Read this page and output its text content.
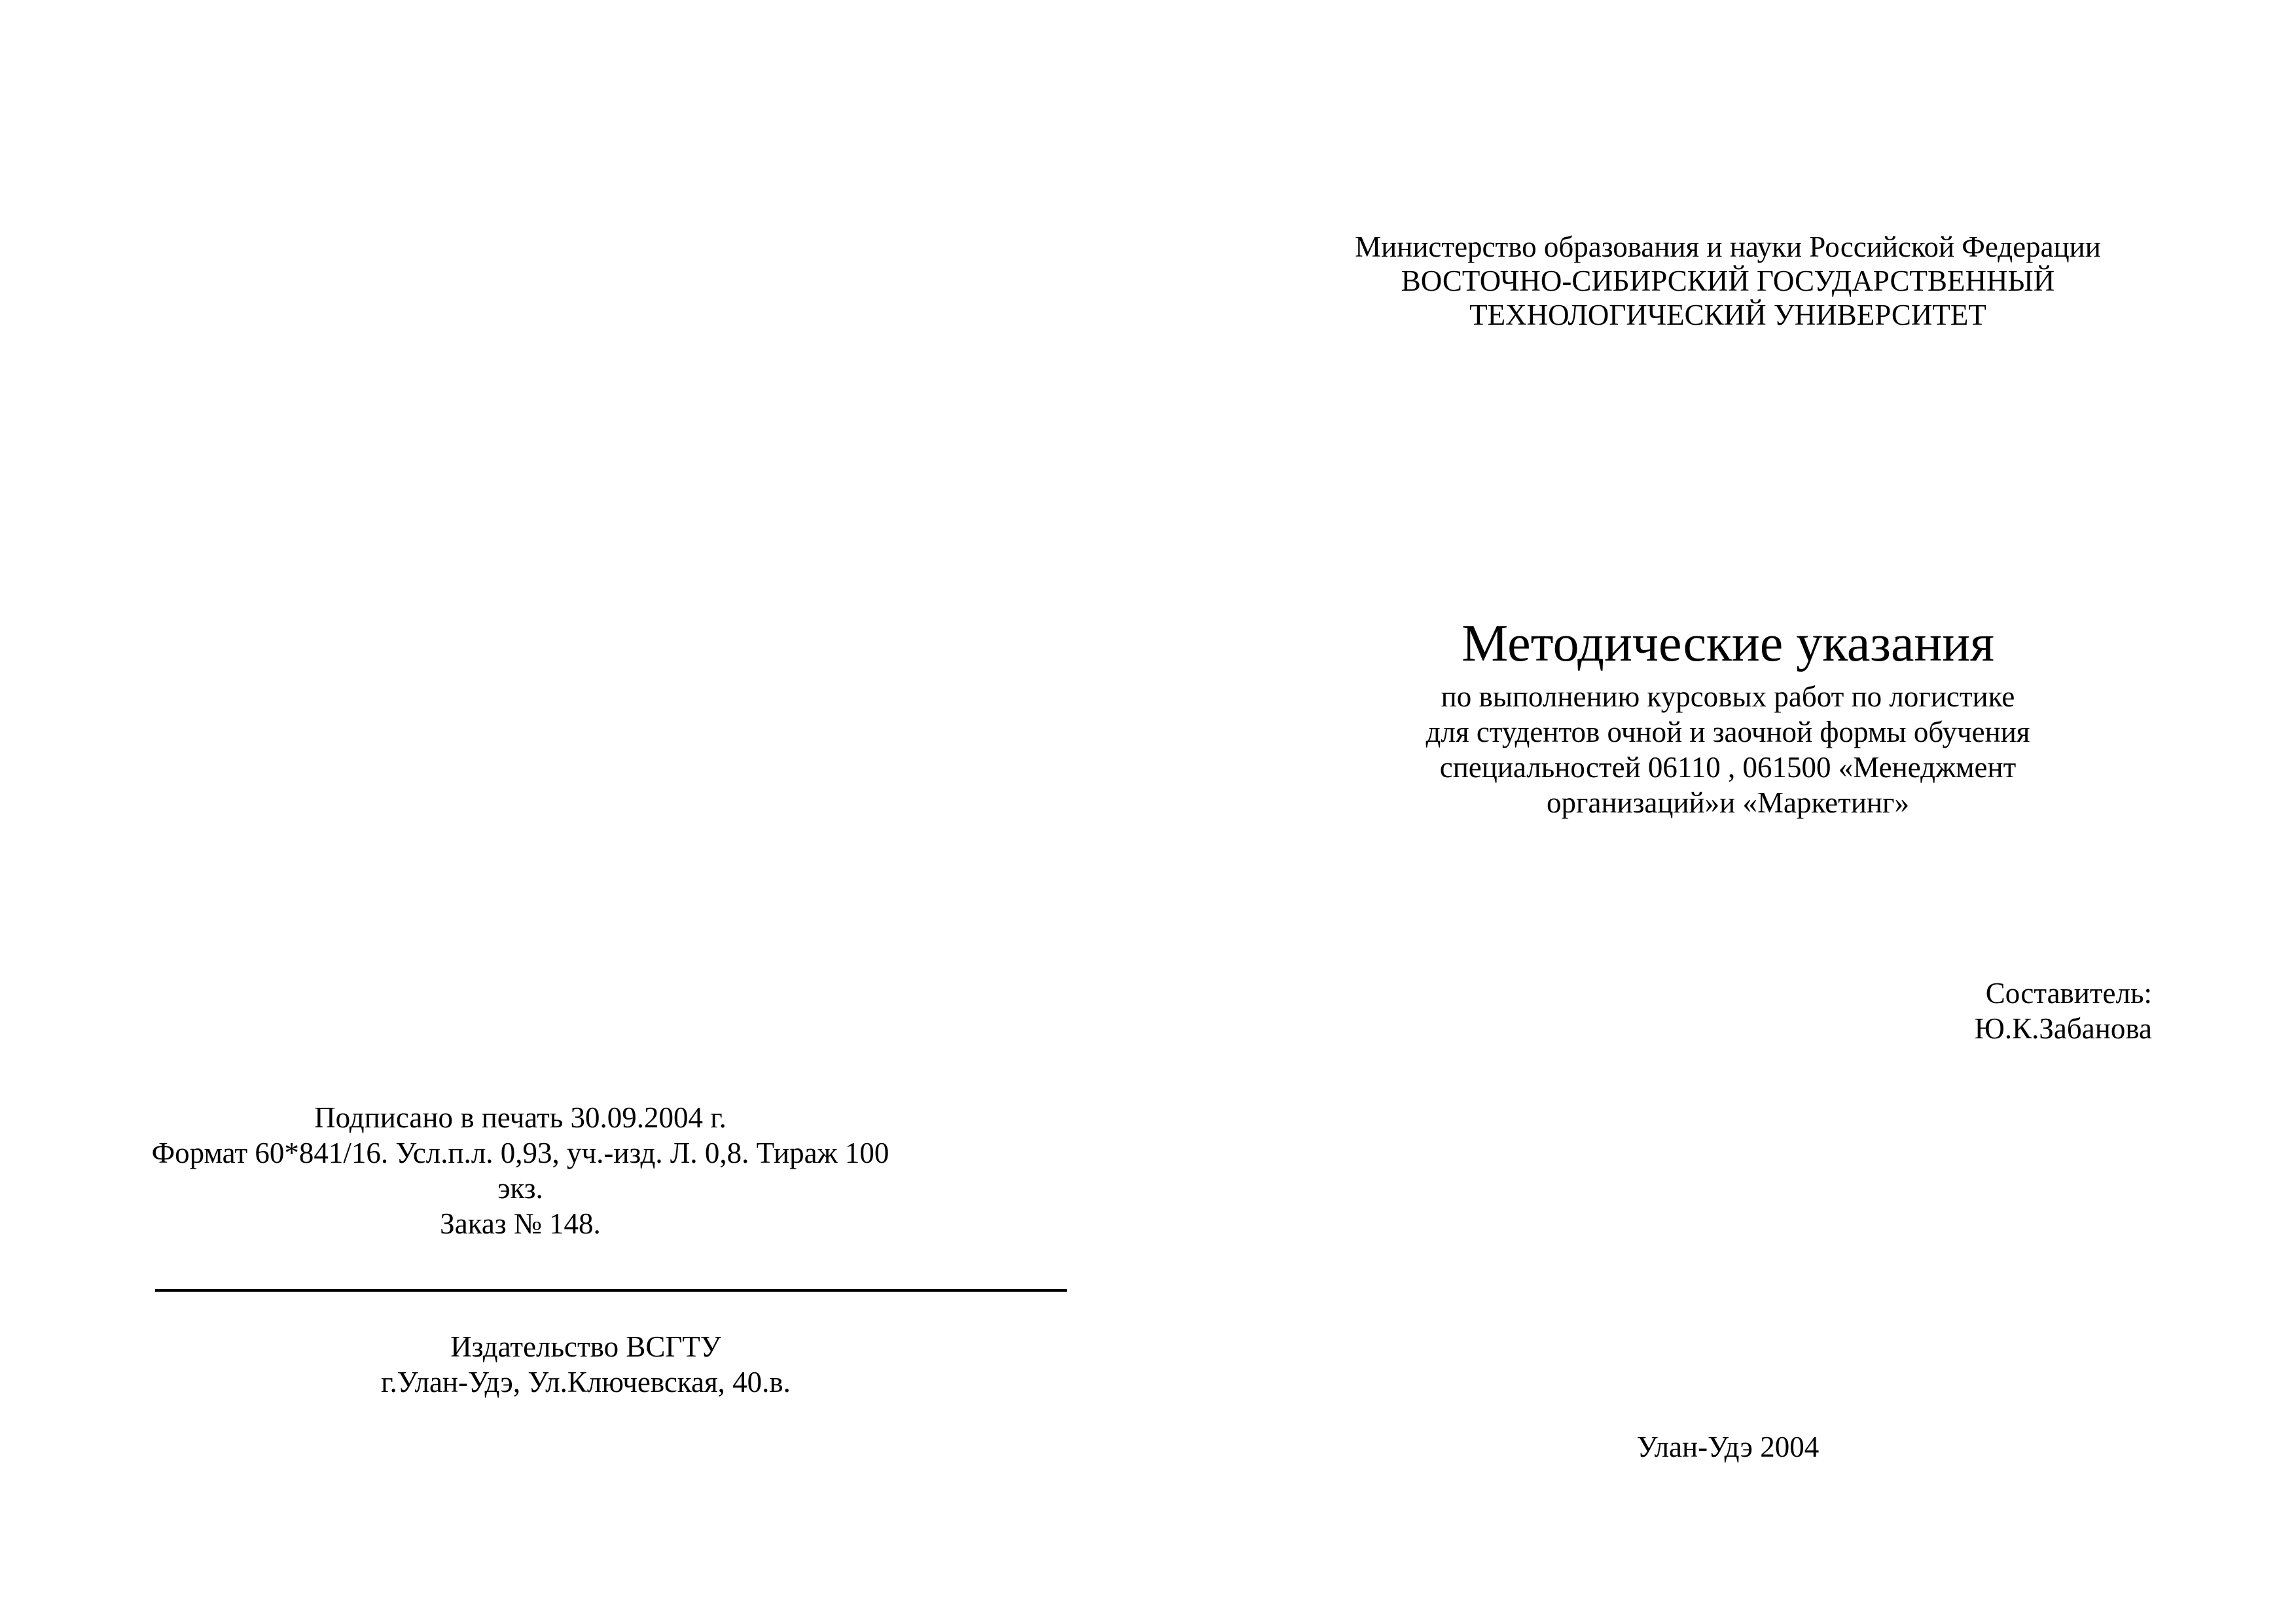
Министерство образования и науки Российской Федерации
ВОСТОЧНО-СИБИРСКИЙ ГОСУДАРСТВЕННЫЙ
ТЕХНОЛОГИЧЕСКИЙ УНИВЕРСИТЕТ
Методические указания
по выполнению курсовых работ по логистике
для студентов очной и заочной формы обучения
специальностей 06110 , 061500 «Менеджмент
организаций»и «Маркетинг»
Составитель:
Ю.К.Забанова
Улан-Удэ 2004
Подписано в печать 30.09.2004 г.
Формат 60*841/16. Усл.п.л. 0,93, уч.-изд. Л. 0,8. Тираж 100
экз.
Заказ № 148.
Издательство ВСГТУ
г.Улан-Удэ, Ул.Ключевская, 40.в.
